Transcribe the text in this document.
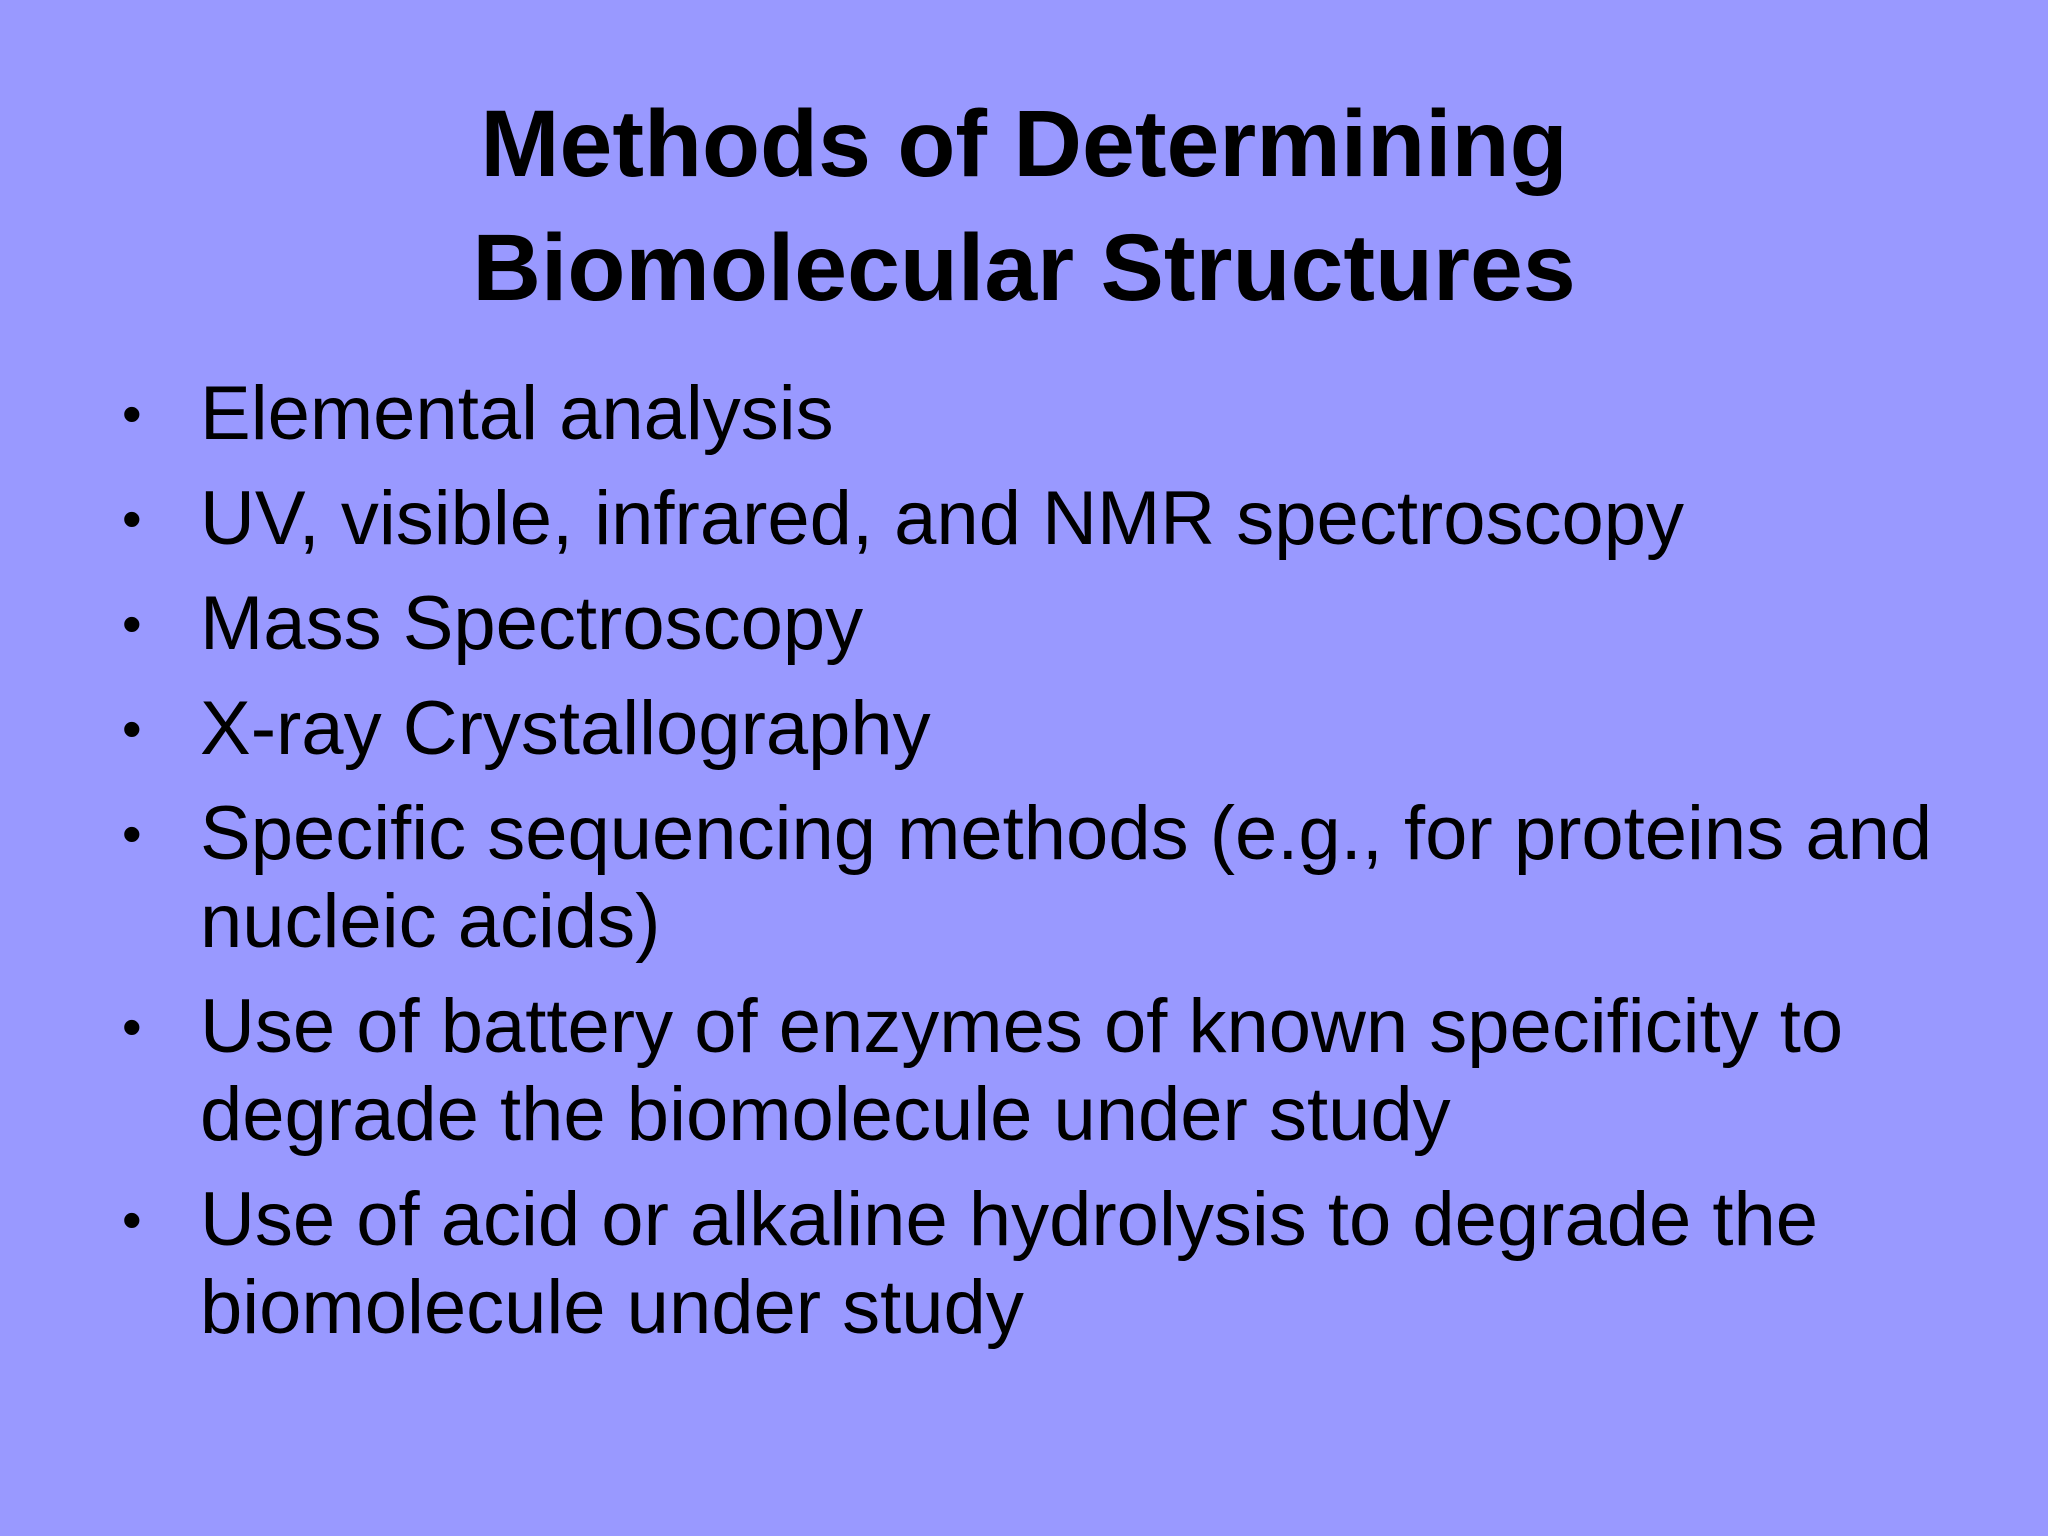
Methods of Determining
Biomolecular Structures
• Elemental analysis
• UV, visible, infrared, and NMR spectroscopy
• Mass Spectroscopy
• X-ray Crystallography
• Specific sequencing methods (e.g., for proteins and nucleic acids)
• Use of battery of enzymes of known specificity to degrade the biomolecule under study
• Use of acid or alkaline hydrolysis to degrade the biomolecule under study
